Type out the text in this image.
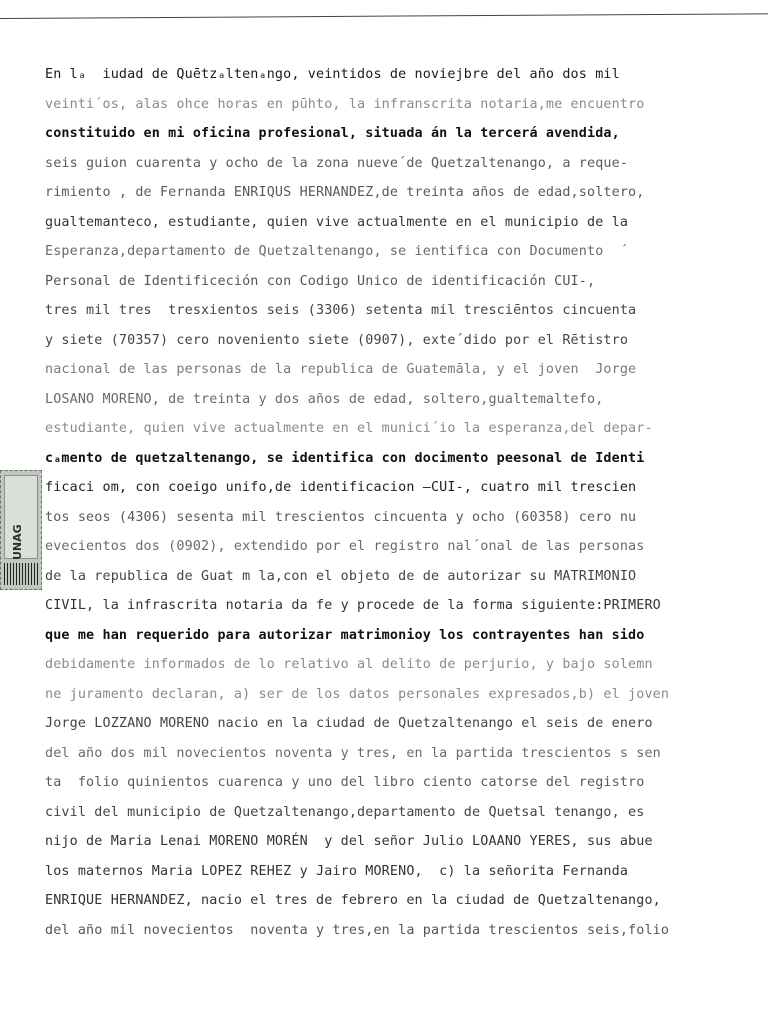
UNAG
En lₐ  iudad de Quētzₐltenₐngo, veintidos de noviejbre del año dos mil
veinti´os, alas ohce horas en pūhto, la infranscrita notaria,me encuentro
constituido en mi oficina profesional, situada án la tercerá avendida,
seis guion cuarenta y ocho de la zona nueve´de Quetzaltenango, a reque-
rimiento , de Fernanda ENRIQUS HERNANDEZ,de treinta años de edad,soltero,
gualtemanteco, estudiante, quien vive actualmente en el municipio de la
Esperanza,departamento de Quetzaltenango, se ientifica con Documento  ´
Personal de Identificeción con Codigo Unico de identificación CUI-,
tres mil tres  tresxientos seis (3306) setenta mil tresciēntos cincuenta
y siete (70357) cero noveniento siete (0907), exte´dido por el Rētistro
nacional de las personas de la republica de Guatemāla, y el joven  Jorge
LOSANO MORENO, de treinta y dos años de edad, soltero,gualtemaltefo,
estudiante, quien vive actualmente en el munici´io la esperanza,del depar-
cₐmento de quetzaltenango, se identifica con docimento peesonal de Identi
ficaci om, con coeigo unifo,de identificacion –CUI-, cuatro mil trescien
tos seos (4306) sesenta mil trescientos cincuenta y ocho (60358) cero nu
evecientos dos (0902), extendido por el registro nal´onal de las personas
de la republica de Guat m la,con el objeto de de autorizar su MATRIMONIO
CIVIL, la infrascrita notaria da fe y procede de la forma siguiente:PRIMERO
que me han requerido para autorizar matrimonioy los contrayentes han sido
debidamente informados de lo relativo al delito de perjurio, y bajo solemn
ne juramento declaran, a) ser de los datos personales expresados,b) el joven
Jorge LOZZANO MORENO nacio en la ciudad de Quetzaltenango el seis de enero
del año dos mil novecientos noventa y tres, en la partida trescientos s sen
ta  folio quinientos cuarenca y uno del libro ciento catorse del registro
civil del municipio de Quetzaltenango,departamento de Quetsal tenango, es
nijo de Maria Lenai MORENO MORÉN  y del señor Julio LOAANO YERES, sus abue
los maternos Maria LOPEZ REHEZ y Jairo MORENO,  c) la señorita Fernanda
ENRIQUE HERNANDEZ, nacio el tres de febrero en la ciudad de Quetzaltenango,
del año mil novecientos  noventa y tres,en la partida trescientos seis,folio
